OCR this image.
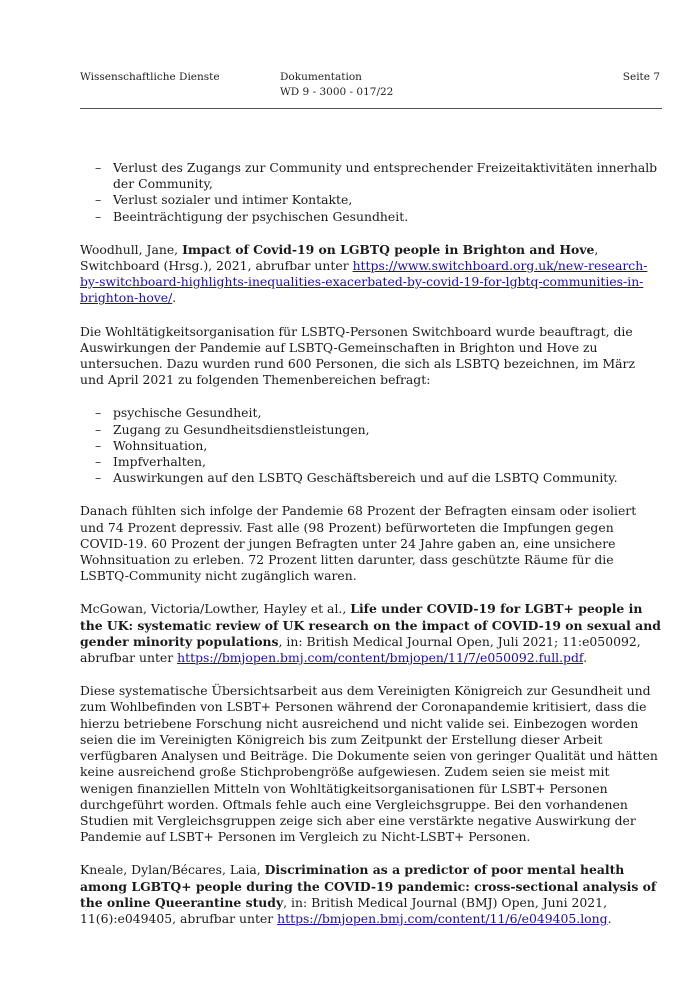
Wissenschaftliche Dienste	Dokumentation
WD 9 - 3000 - 017/22
Seite 7
– Verlust des Zugangs zur Community und entsprechender Freizeitaktivitäten innerhalb der Community,
– Verlust sozialer und intimer Kontakte,
– Beeinträchtigung der psychischen Gesundheit.

Woodhull, Jane, Impact of Covid-19 on LGBTQ people in Brighton and Hove, Switchboard (Hrsg.), 2021, abrufbar unter https://www.switchboard.org.uk/new-research-by-switchboard-highlights-inequalities-exacerbated-by-covid-19-for-lgbtq-communities-in-brighton-hove/.

Die Wohltätigkeitsorganisation für LSBTQ-Personen Switchboard wurde beauftragt, die Auswirkungen der Pandemie auf LSBTQ-Gemeinschaften in Brighton und Hove zu untersuchen. Dazu wurden rund 600 Personen, die sich als LSBTQ bezeichnen, im März und April 2021 zu folgenden Themenbereichen befragt:

– psychische Gesundheit,
– Zugang zu Gesundheitsdienstleistungen,
– Wohnsituation,
– Impfverhalten,
– Auswirkungen auf den LSBTQ Geschäftsbereich und auf die LSBTQ Community.

Danach fühlten sich infolge der Pandemie 68 Prozent der Befragten einsam oder isoliert und 74 Prozent depressiv. Fast alle (98 Prozent) befürworteten die Impfungen gegen COVID-19. 60 Prozent der jungen Befragten unter 24 Jahre gaben an, eine unsichere Wohnsituation zu erleben. 72 Prozent litten darunter, dass geschützte Räume für die LSBTQ-Community nicht zugänglich waren.

McGowan, Victoria/Lowther, Hayley et al., Life under COVID-19 for LGBT+ people in the UK: systematic review of UK research on the impact of COVID-19 on sexual and gender minority populations, in: British Medical Journal Open, Juli 2021; 11:e050092, abrufbar unter https://bmjopen.bmj.com/content/bmjopen/11/7/e050092.full.pdf.

Diese systematische Übersichtsarbeit aus dem Vereinigten Königreich zur Gesundheit und zum Wohlbefinden von LSBT+ Personen während der Coronapandemie kritisiert, dass die hierzu betriebene Forschung nicht ausreichend und nicht valide sei. Einbezogen worden seien die im Vereinigten Königreich bis zum Zeitpunkt der Erstellung dieser Arbeit verfügbaren Analysen und Beiträge. Die Dokumente seien von geringer Qualität und hätten keine ausreichend große Stichprobengröße aufgewiesen. Zudem seien sie meist mit wenigen finanziellen Mitteln von Wohltätigkeitsorganisationen für LSBT+ Personen durchgeführt worden. Oftmals fehle auch eine Vergleichsgruppe. Bei den vorhandenen Studien mit Vergleichsgruppen zeige sich aber eine verstärkte negative Auswirkung der Pandemie auf LSBT+ Personen im Vergleich zu Nicht-LSBT+ Personen.

Kneale, Dylan/Bécares, Laia, Discrimination as a predictor of poor mental health among LGBTQ+ people during the COVID-19 pandemic: cross-sectional analysis of the online Queerantine study, in: British Medical Journal (BMJ) Open, Juni 2021, 11(6):e049405, abrufbar unter https://bmjopen.bmj.com/content/11/6/e049405.long.
